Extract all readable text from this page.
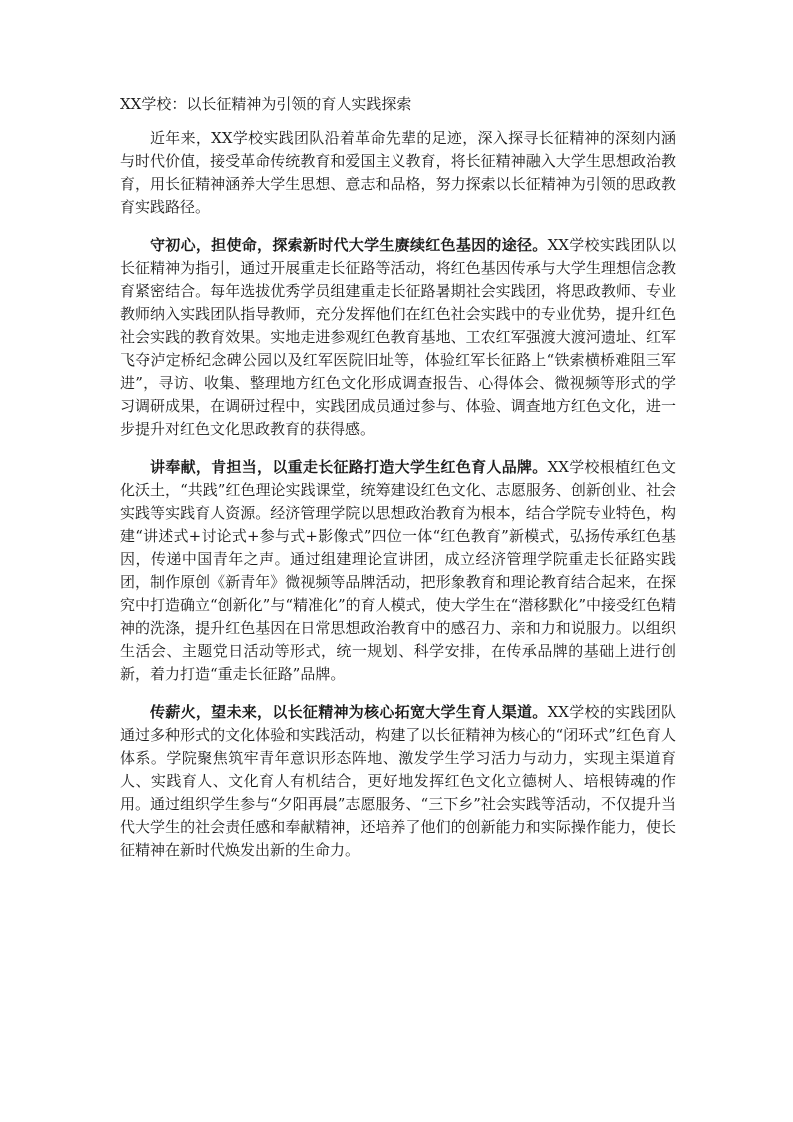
XX学校：以长征精神为引领的育人实践探索

近年来，XX学校实践团队沿着革命先辈的足迹，深入探寻长征精神的深刻内涵与时代价值，接受革命传统教育和爱国主义教育，将长征精神融入大学生思想政治教育，用长征精神涵养大学生思想、意志和品格，努力探索以长征精神为引领的思政教育实践路径。

守初心，担使命，探索新时代大学生赓续红色基因的途径。XX学校实践团队以长征精神为指引，通过开展重走长征路等活动，将红色基因传承与大学生理想信念教育紧密结合。每年选拔优秀学员组建重走长征路暑期社会实践团，将思政教师、专业教师纳入实践团队指导教师，充分发挥他们在红色社会实践中的专业优势，提升红色社会实践的教育效果。实地走进参观红色教育基地、工农红军强渡大渡河遗址、红军飞夺泸定桥纪念碑公园以及红军医院旧址等，体验红军长征路上“铁索横桥难阻三军进”，寻访、收集、整理地方红色文化形成调查报告、心得体会、微视频等形式的学习调研成果，在调研过程中，实践团成员通过参与、体验、调查地方红色文化，进一步提升对红色文化思政教育的获得感。

讲奉献，肯担当，以重走长征路打造大学生红色育人品牌。XX学校根植红色文化沃土，“共践”红色理论实践课堂，统筹建设红色文化、志愿服务、创新创业、社会实践等实践育人资源。经济管理学院以思想政治教育为根本，结合学院专业特色，构建“讲述式+讨论式+参与式+影像式”四位一体“红色教育”新模式，弘扬传承红色基因，传递中国青年之声。通过组建理论宣讲团，成立经济管理学院重走长征路实践团，制作原创《新青年》微视频等品牌活动，把形象教育和理论教育结合起来，在探究中打造确立“创新化”与“精准化”的育人模式，使大学生在“潜移默化”中接受红色精神的洗涤，提升红色基因在日常思想政治教育中的感召力、亲和力和说服力。以组织生活会、主题党日活动等形式，统一规划、科学安排，在传承品牌的基础上进行创新，着力打造“重走长征路”品牌。

传薪火，望未来，以长征精神为核心拓宽大学生育人渠道。XX学校的实践团队通过多种形式的文化体验和实践活动，构建了以长征精神为核心的“闭环式”红色育人体系。学院聚焦筑牢青年意识形态阵地、激发学生学习活力与动力，实现主渠道育人、实践育人、文化育人有机结合，更好地发挥红色文化立德树人、培根铸魂的作用。通过组织学生参与“夕阳再晨”志愿服务、“三下乡”社会实践等活动，不仅提升当代大学生的社会责任感和奉献精神，还培养了他们的创新能力和实际操作能力，使长征精神在新时代焕发出新的生命力。
